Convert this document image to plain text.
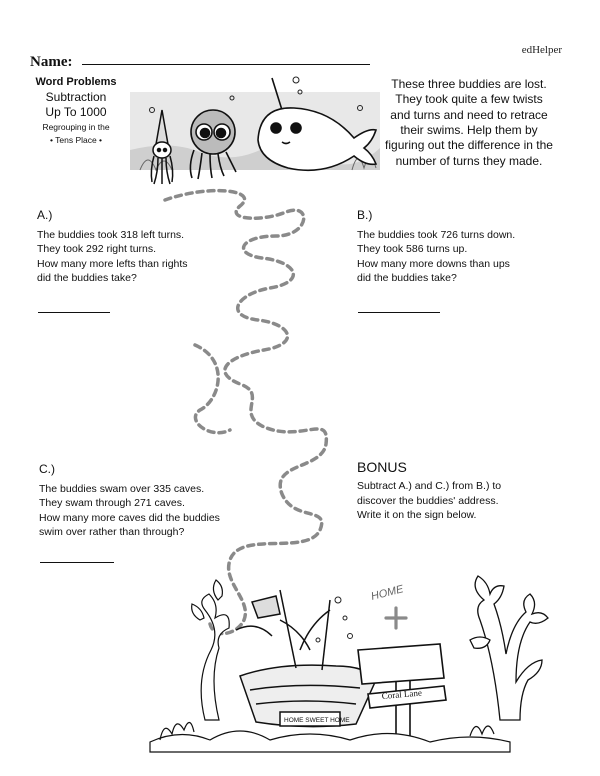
edHelper
Name:
Word Problems
Subtraction
Up To 1000
Regrouping in the
• Tens Place •
These three buddies are lost. They took quite a few twists and turns and need to retrace their swims. Help them by figuring out the difference in the number of turns they made.
HOME
HOME SWEET HOME
Coral Lane
A.)
The buddies took 318 left turns.
They took 292 right turns.
How many more lefts than rights
did the buddies take?
B.)
The buddies took 726 turns down.
They took 586 turns up.
How many more downs than ups
did the buddies take?
C.)
The buddies swam over 335 caves.
They swam through 271 caves.
How many more caves did the buddies
swim over rather than through?
BONUS
Subtract A.) and C.) from B.) to
discover the buddies' address.
Write it on the sign below.
